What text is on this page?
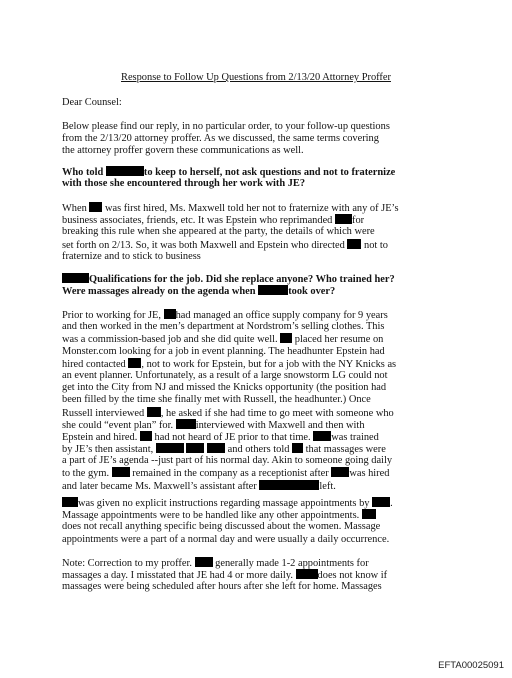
Response to Follow Up Questions from 2/13/20 Attorney Proffer
Dear Counsel:
Below please find our reply, in no particular order, to your follow-up questions
from the 2/13/20 attorney proffer. As we discussed, the same terms covering
the attorney proffer govern these communications as well.
Who told	to keep to herself, not ask questions and not to fraternize
with those she encountered through her work with JE?
When  was first hired, Ms. Maxwell told her not to fraternize with any of JE’s
business associates, friends, etc. It was Epstein who reprimanded for
breaking this rule when she appeared at the party, the details of which were
set forth on 2/13. So, it was both Maxwell and Epstein who directed  not to
fraternize and to stick to business
Qualifications for the job. Did she replace anyone? Who trained her?
Were massages already on the agenda when	took over?
Prior to working for JE, had managed an office supply company for 9 years
and then worked in the men’s department at Nordstrom’s selling clothes. This
was a commission-based job and she did quite well.  placed her resume on
Monster.com looking for a job in event planning. The headhunter Epstein had
hired contacted , not to work for Epstein, but for a job with the NY Knicks as
an event planner. Unfortunately, as a result of a large snowstorm LG could not
get into the City from NJ and missed the Knicks opportunity (the position had
been filled by the time she finally met with Russell, the headhunter.) Once
Russell interviewed , he asked if she had time to go meet with someone who
she could “event plan” for. interviewed with Maxwell and then with
Epstein and hired.  had not heard of JE prior to that time. was trained
by JE’s then assistant,	and others told  that massages were
a part of JE’s agenda --just part of his normal day. Akin to someone going daily
to the gym.  remained in the company as a receptionist after was hired
and later became Ms. Maxwell’s assistant after	left.
was given no explicit instructions regarding massage appointments by .
Massage appointments were to be handled like any other appointments.
does not recall anything specific being discussed about the women. Massage
appointments were a part of a normal day and were usually a daily occurrence.
Note: Correction to my proffer.  generally made 1-2 appointments for
massages a day. I misstated that JE had 4 or more daily. does not know if
massages were being scheduled after hours after she left for home. Massages
EFTA00025091
